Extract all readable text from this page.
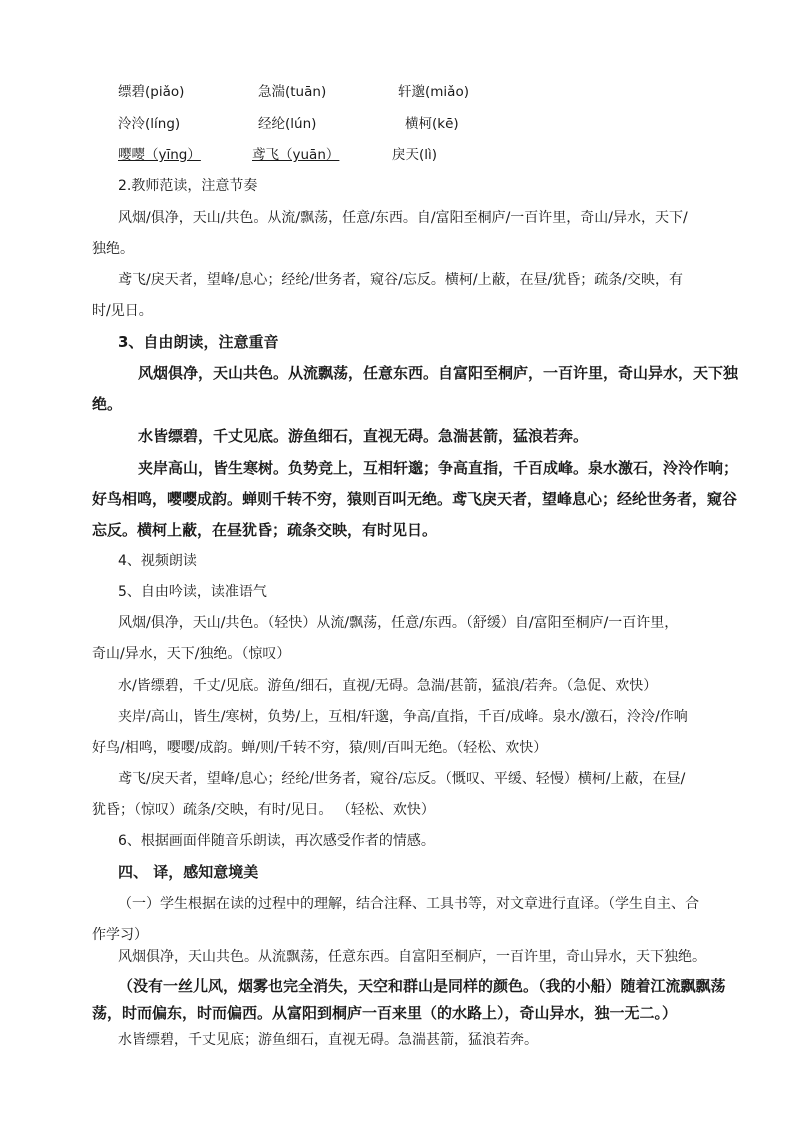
缥碧(piǎo)	急湍(tuān)	轩邈(miǎo)
泠泠(líng)	经纶(lún)	横柯(kē)
嘤嘤（yīng）	鸢飞（yuān）	戾天(lì)
2.教师范读，注意节奏
风烟/俱净，天山/共色。从流/飘荡，任意/东西。自/富阳至桐庐/一百许里，奇山/异水，天下/
独绝。
鸢飞/戾天者，望峰/息心；经纶/世务者，窥谷/忘反。横柯/上蔽，在昼/犹昏；疏条/交映，有
时/见日。
3、自由朗读，注意重音
风烟俱净，天山共色。从流飘荡，任意东西。自富阳至桐庐，一百许里，奇山异水，天下独
绝。
水皆缥碧，千丈见底。游鱼细石，直视无碍。急湍甚箭，猛浪若奔。
夹岸高山，皆生寒树。负势竞上，互相轩邈；争高直指，千百成峰。泉水激石，泠泠作响；
好鸟相鸣，嘤嘤成韵。蝉则千转不穷，猿则百叫无绝。鸢飞戾天者，望峰息心；经纶世务者，窥谷
忘反。横柯上蔽，在昼犹昏；疏条交映，有时见日。
4、视频朗读
5、自由吟读，读准语气
风烟/俱净，天山/共色。（轻快）从流/飘荡，任意/东西。（舒缓）自/富阳至桐庐/一百许里，
奇山/异水，天下/独绝。（惊叹）
水/皆缥碧，千丈/见底。游鱼/细石，直视/无碍。急湍/甚箭，猛浪/若奔。（急促、欢快）
夹岸/高山，皆生/寒树，负势/上，互相/轩邈，争高/直指，千百/成峰。泉水/激石，泠泠/作响
好鸟/相鸣，嘤嘤/成韵。蝉/则/千转不穷，猿/则/百叫无绝。（轻松、欢快）
鸢飞/戾天者，望峰/息心；经纶/世务者，窥谷/忘反。（慨叹、平缓、轻慢）横柯/上蔽，在昼/
犹昏；（惊叹）疏条/交映，有时/见日。 （轻松、欢快）
6、根据画面伴随音乐朗读，再次感受作者的情感。
四、 译，感知意境美
（一）学生根据在读的过程中的理解，结合注释、工具书等，对文章进行直译。（学生自主、合
作学习）
风烟俱净，天山共色。从流飘荡，任意东西。自富阳至桐庐，一百许里，奇山异水，天下独绝。
（没有一丝儿风，烟雾也完全消失，天空和群山是同样的颜色。（我的小船）随着江流飘飘荡
荡，时而偏东，时而偏西。从富阳到桐庐一百来里（的水路上），奇山异水，独一无二。）
水皆缥碧，千丈见底；游鱼细石，直视无碍。急湍甚箭，猛浪若奔。
